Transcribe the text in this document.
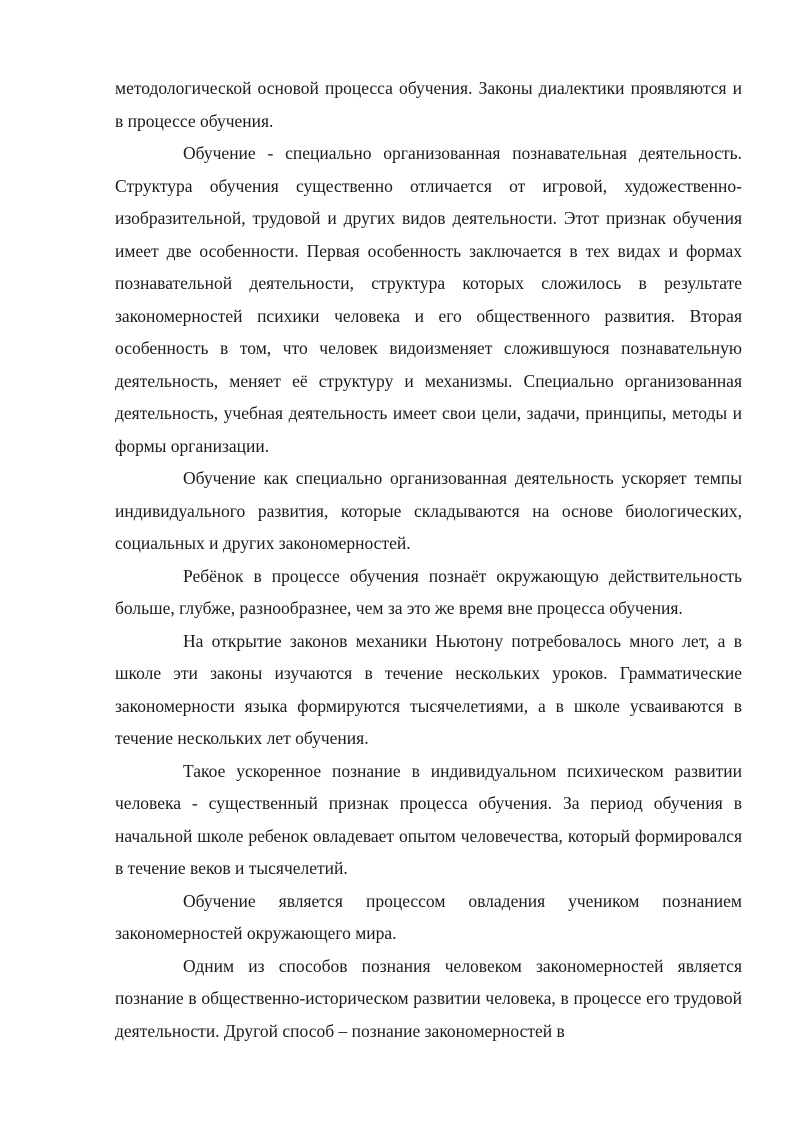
методологической основой процесса обучения. Законы диалектики проявляются и в процессе обучения.

Обучение - специально организованная познавательная деятельность. Структура обучения существенно отличается от игровой, художественно-изобразительной, трудовой и других видов деятельности. Этот признак обучения имеет две особенности. Первая особенность заключается в тех видах и формах познавательной деятельности, структура которых сложилось в результате закономерностей психики человека и его общественного развития. Вторая особенность в том, что человек видоизменяет сложившуюся познавательную деятельность, меняет её структуру и механизмы. Специально организованная деятельность, учебная деятельность имеет свои цели, задачи, принципы, методы и формы организации.

Обучение как специально организованная деятельность ускоряет темпы индивидуального развития, которые складываются на основе биологических, социальных и других закономерностей.

Ребёнок в процессе обучения познаёт окружающую действительность больше, глубже, разнообразнее, чем за это же время вне процесса обучения.

На открытие законов механики Ньютону потребовалось много лет, а в школе эти законы изучаются в течение нескольких уроков. Грамматические закономерности языка формируются тысячелетиями, а в школе усваиваются в течение нескольких лет обучения.

Такое ускоренное познание в индивидуальном психическом развитии человека - существенный признак процесса обучения. За период обучения в начальной школе ребенок овладевает опытом человечества, который формировался в течение веков и тысячелетий.

Обучение является процессом овладения учеником познанием закономерностей окружающего мира.

Одним из способов познания человеком закономерностей является познание в общественно-историческом развитии человека, в процессе его трудовой деятельности. Другой способ – познание закономерностей в
